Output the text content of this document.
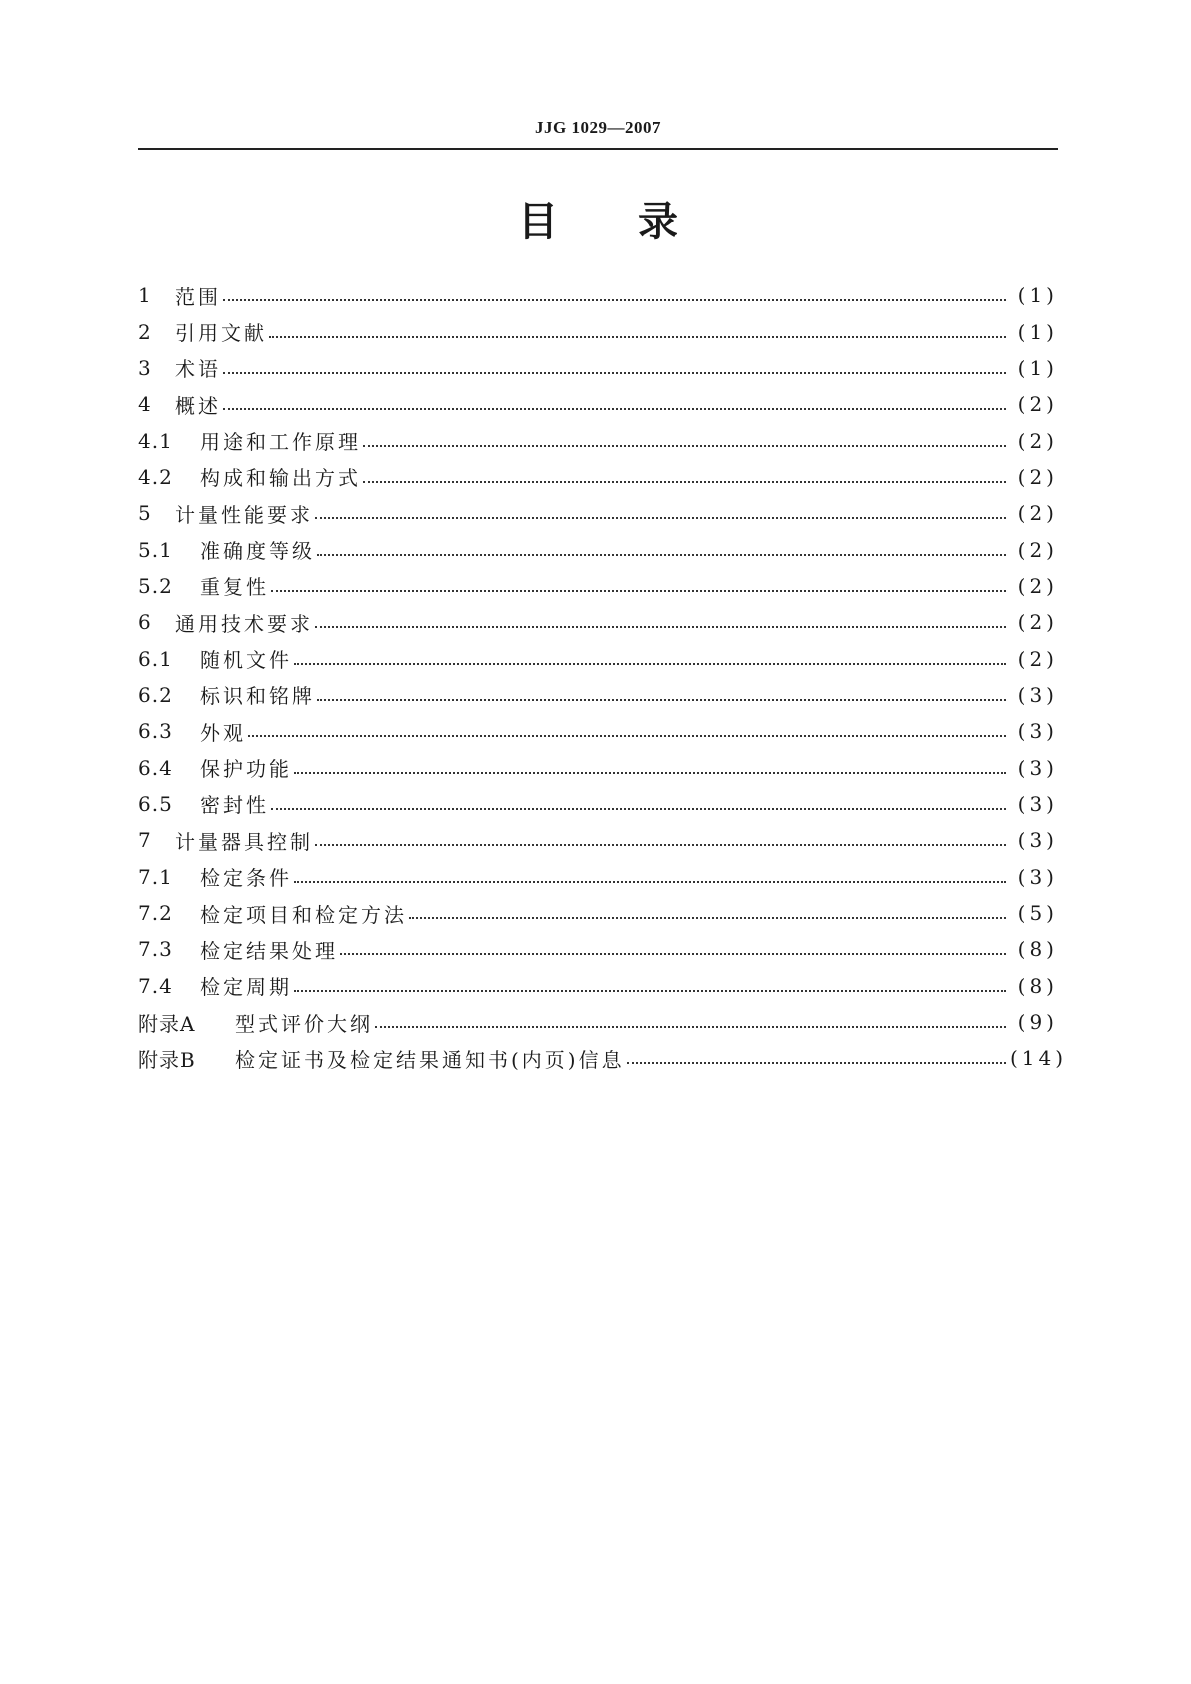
JJG 1029—2007
目 录
1	范围	(1)
2	引用文献	(1)
3	术语	(1)
4	概述	(2)
4.1	用途和工作原理	(2)
4.2	构成和输出方式	(2)
5	计量性能要求	(2)
5.1	准确度等级	(2)
5.2	重复性	(2)
6	通用技术要求	(2)
6.1	随机文件	(2)
6.2	标识和铭牌	(3)
6.3	外观	(3)
6.4	保护功能	(3)
6.5	密封性	(3)
7	计量器具控制	(3)
7.1	检定条件	(3)
7.2	检定项目和检定方法	(5)
7.3	检定结果处理	(8)
7.4	检定周期	(8)
附录A	型式评价大纲	(9)
附录B	检定证书及检定结果通知书(内页)信息	(14)
